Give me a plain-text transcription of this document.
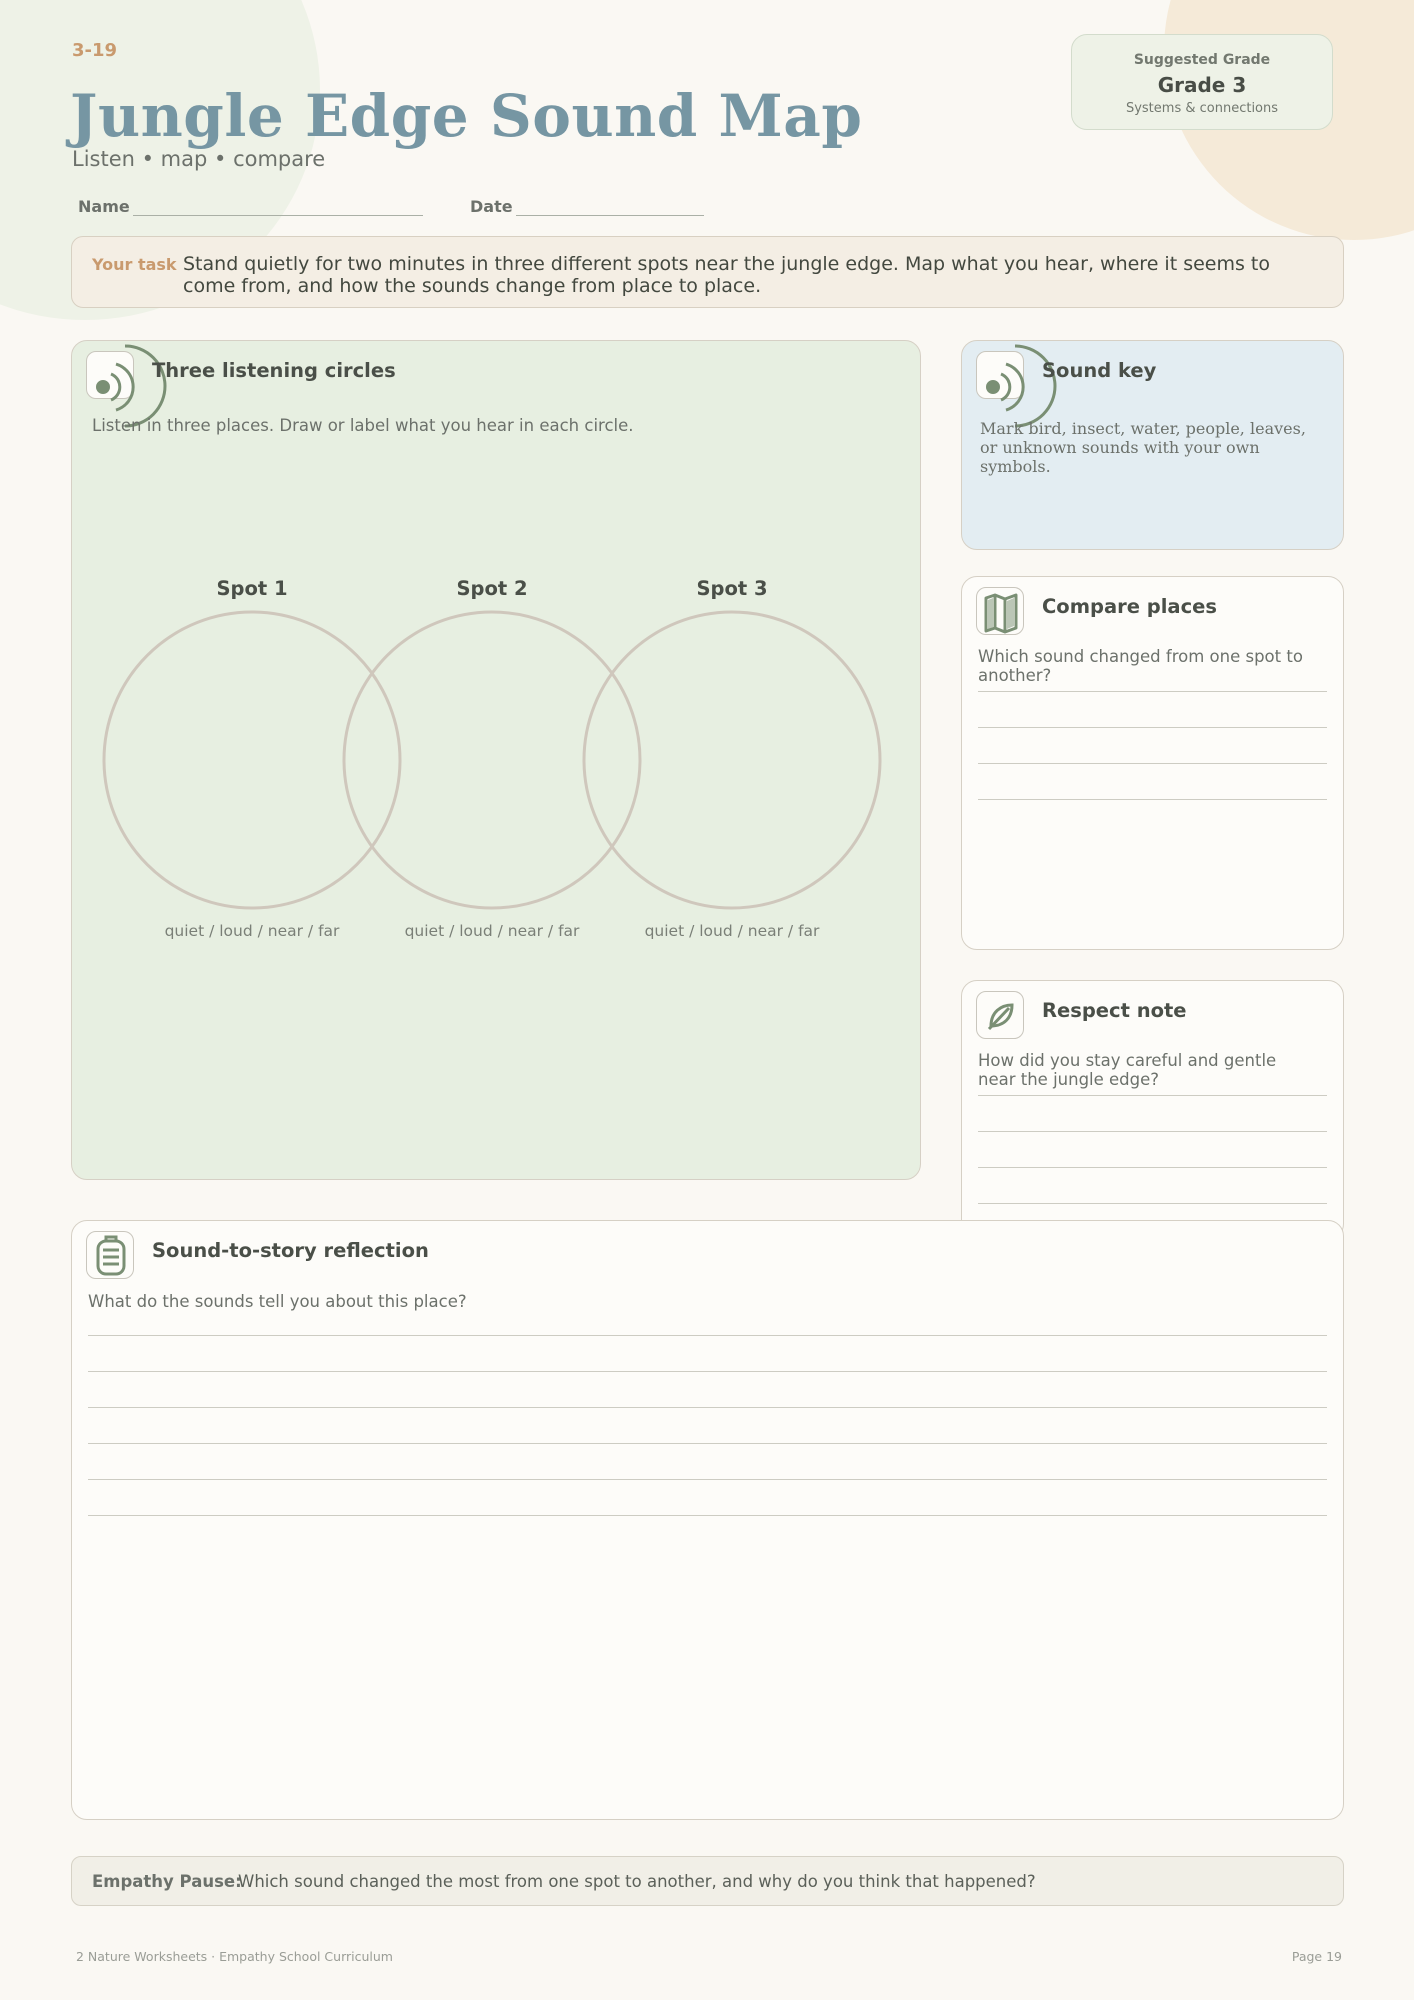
3-19
Jungle Edge Sound Map
Listen • map • compare
Suggested Grade
Grade 3
Systems & connections
Name	Date
Your task Stand quietly for two minutes in three different spots near the jungle edge. Map what you hear, where it seems to come from, and how the sounds change from place to place.
Three listening circles
Listen in three places. Draw or label what you hear in each circle.
Spot 1	Spot 2	Spot 3
quiet / loud / near / far	quiet / loud / near / far	quiet / loud / near / far
Sound key
Mark bird, insect, water, people, leaves, or unknown sounds with your own symbols.
Compare places
Which sound changed from one spot to another?
Respect note
How did you stay careful and gentle near the jungle edge?
Sound-to-story reflection
What do the sounds tell you about this place?
Empathy Pause:
Which sound changed the most from one spot to another, and why do you think that happened?
2 Nature Worksheets · Empathy School Curriculum	Page 19
